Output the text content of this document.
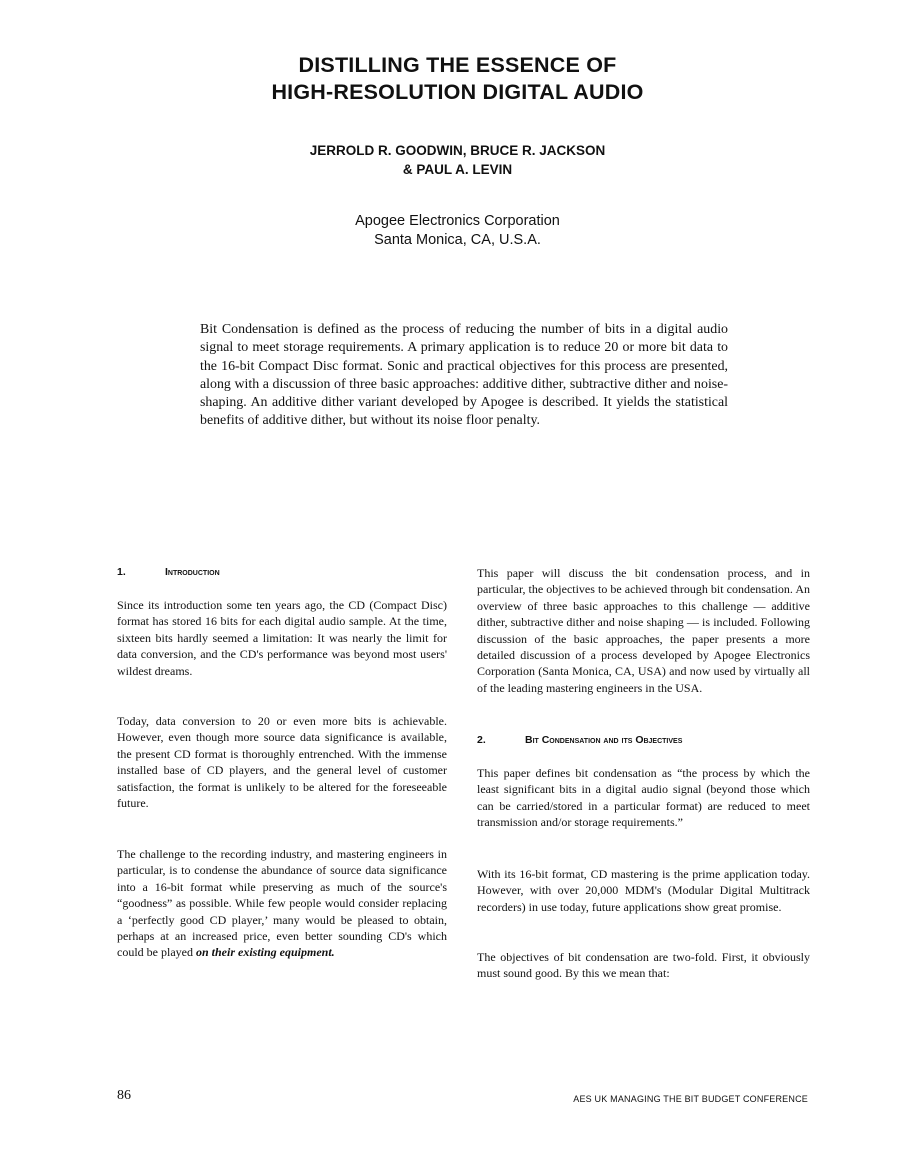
DISTILLING THE ESSENCE OF
HIGH-RESOLUTION DIGITAL AUDIO
JERROLD R. GOODWIN, BRUCE R. JACKSON
& PAUL A. LEVIN
Apogee Electronics Corporation
Santa Monica, CA, U.S.A.
Bit Condensation is defined as the process of reducing the number of bits in a digital audio signal to meet storage requirements. A primary application is to reduce 20 or more bit data to the 16-bit Compact Disc format. Sonic and practical objectives for this process are presented, along with a discussion of three basic approaches: additive dither, subtractive dither and noise-shaping. An additive dither variant developed by Apogee is described. It yields the statistical benefits of additive dither, but without its noise floor penalty.
1.	Introduction

Since its introduction some ten years ago, the CD (Compact Disc) format has stored 16 bits for each digital audio sample. At the time, sixteen bits hardly seemed a limitation: It was nearly the limit for data conversion, and the CD's performance was beyond most users' wildest dreams.

Today, data conversion to 20 or even more bits is achievable. However, even though more source data significance is available, the present CD format is thoroughly entrenched. With the immense installed base of CD players, and the general level of customer satisfaction, the format is unlikely to be altered for the foreseeable future.

The challenge to the recording industry, and mastering engineers in particular, is to condense the abundance of source data significance into a 16-bit format while preserving as much of the source's “goodness” as possible. While few people would consider replacing a ‘perfectly good CD player,’ many would be pleased to obtain, perhaps at an increased price, even better sounding CD's which could be played on their existing equipment.

This paper will discuss the bit condensation process, and in particular, the objectives to be achieved through bit condensation. An overview of three basic approaches to this challenge — additive dither, subtractive dither and noise shaping — is included. Following discussion of the basic approaches, the paper presents a more detailed discussion of a process developed by Apogee Electronics Corporation (Santa Monica, CA, USA) and now used by virtually all of the leading mastering engineers in the USA.

2.	Bit Condensation and its Objectives

This paper defines bit condensation as “the process by which the least significant bits in a digital audio signal (beyond those which can be carried/stored in a particular format) are reduced to meet transmission and/or storage requirements.”

With its 16-bit format, CD mastering is the prime application today. However, with over 20,000 MDM's (Modular Digital Multitrack recorders) in use today, future applications show great promise.

The objectives of bit condensation are two-fold. First, it obviously must sound good. By this we mean that:

86	AES UK MANAGING THE BIT BUDGET CONFERENCE
